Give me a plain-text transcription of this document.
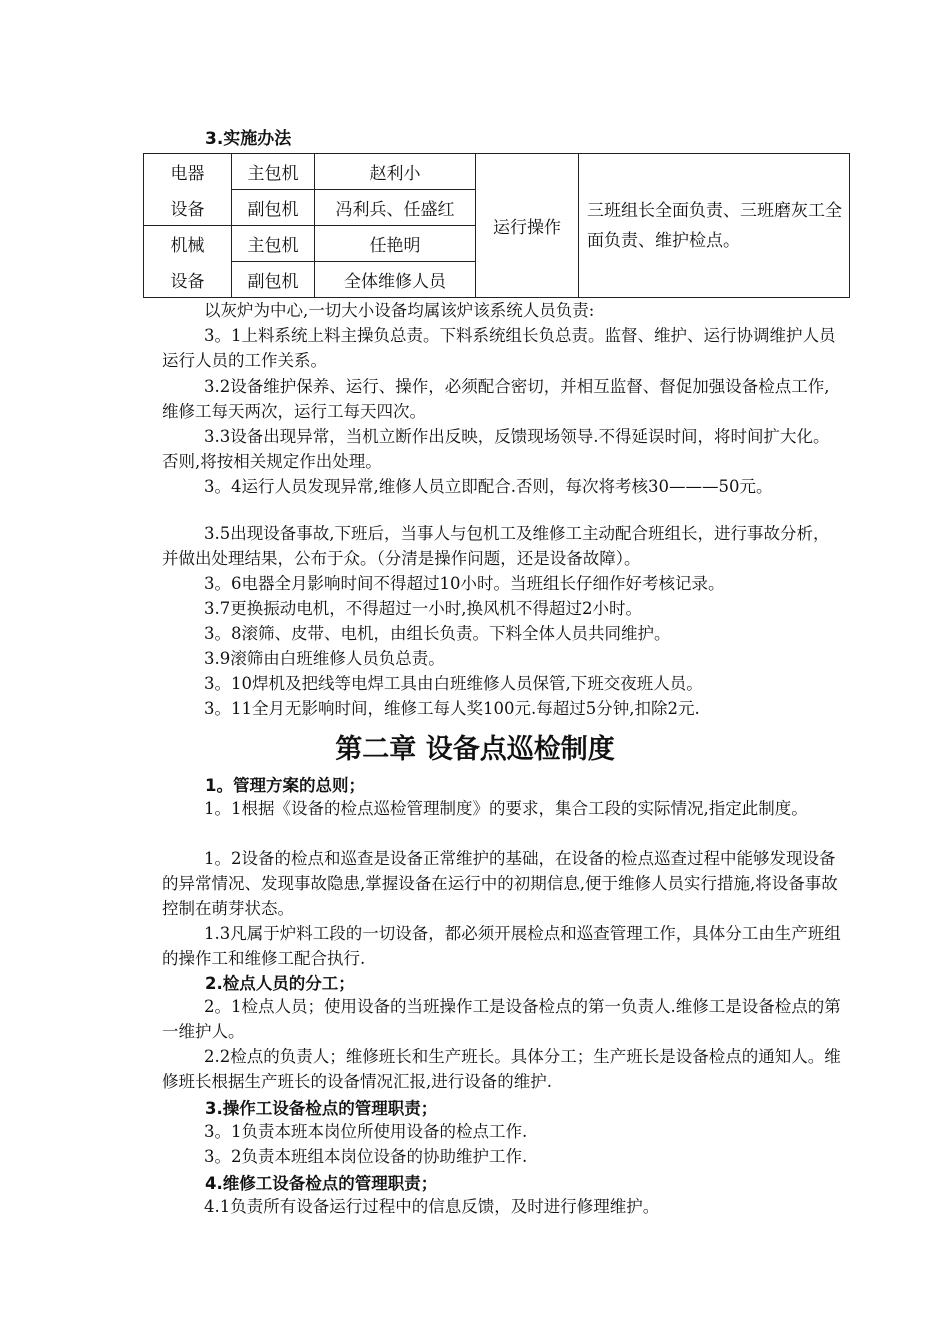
3.实施办法
电器	主包机	赵利小	运行操作	三班组长全面负责、三班磨灰工全面负责、维护检点。
设备	副包机	冯利兵、任盛红		
机械	主包机	任艳明		
设备	副包机	全体维修人员		

以灰炉为中心,一切大小设备均属该炉该系统人员负责:

3。1上料系统上料主操负总责。下料系统组长负总责。监督、维护、运行协调维护人员运行人员的工作关系。

3.2设备维护保养、运行、操作，必须配合密切，并相互监督、督促加强设备检点工作,维修工每天两次，运行工每天四次。

3.3设备出现异常，当机立断作出反映，反馈现场领导.不得延误时间，将时间扩大化。否则,将按相关规定作出处理。

3。4运行人员发现异常,维修人员立即配合.否则，每次将考核30———50元。

3.5出现设备事故,下班后，当事人与包机工及维修工主动配合班组长，进行事故分析，并做出处理结果，公布于众。（分清是操作问题，还是设备故障）。

3。6电器全月影响时间不得超过10小时。当班组长仔细作好考核记录。

3.7更换振动电机，不得超过一小时,换风机不得超过2小时。

3。8滚筛、皮带、电机，由组长负责。下料全体人员共同维护。

3.9滚筛由白班维修人员负总责。

3。10焊机及把线等电焊工具由白班维修人员保管,下班交夜班人员。

3。11全月无影响时间，维修工每人奖100元.每超过5分钟,扣除2元.

第二章 设备点巡检制度
1。管理方案的总则；

1。1根据《设备的检点巡检管理制度》的要求，集合工段的实际情况,指定此制度。

1。2设备的检点和巡查是设备正常维护的基础，在设备的检点巡查过程中能够发现设备的异常情况、发现事故隐患,掌握设备在运行中的初期信息,便于维修人员实行措施,将设备事故控制在萌芽状态。

1.3凡属于炉料工段的一切设备，都必须开展检点和巡查管理工作，具体分工由生产班组的操作工和维修工配合执行.

2.检点人员的分工；

2。1检点人员；使用设备的当班操作工是设备检点的第一负责人.维修工是设备检点的第一维护人。

2.2检点的负责人；维修班长和生产班长。具体分工；生产班长是设备检点的通知人。维修班长根据生产班长的设备情况汇报,进行设备的维护.

3.操作工设备检点的管理职责；

3。1负责本班本岗位所使用设备的检点工作.

3。2负责本班组本岗位设备的协助维护工作.

4.维修工设备检点的管理职责；

4.1负责所有设备运行过程中的信息反馈，及时进行修理维护。
